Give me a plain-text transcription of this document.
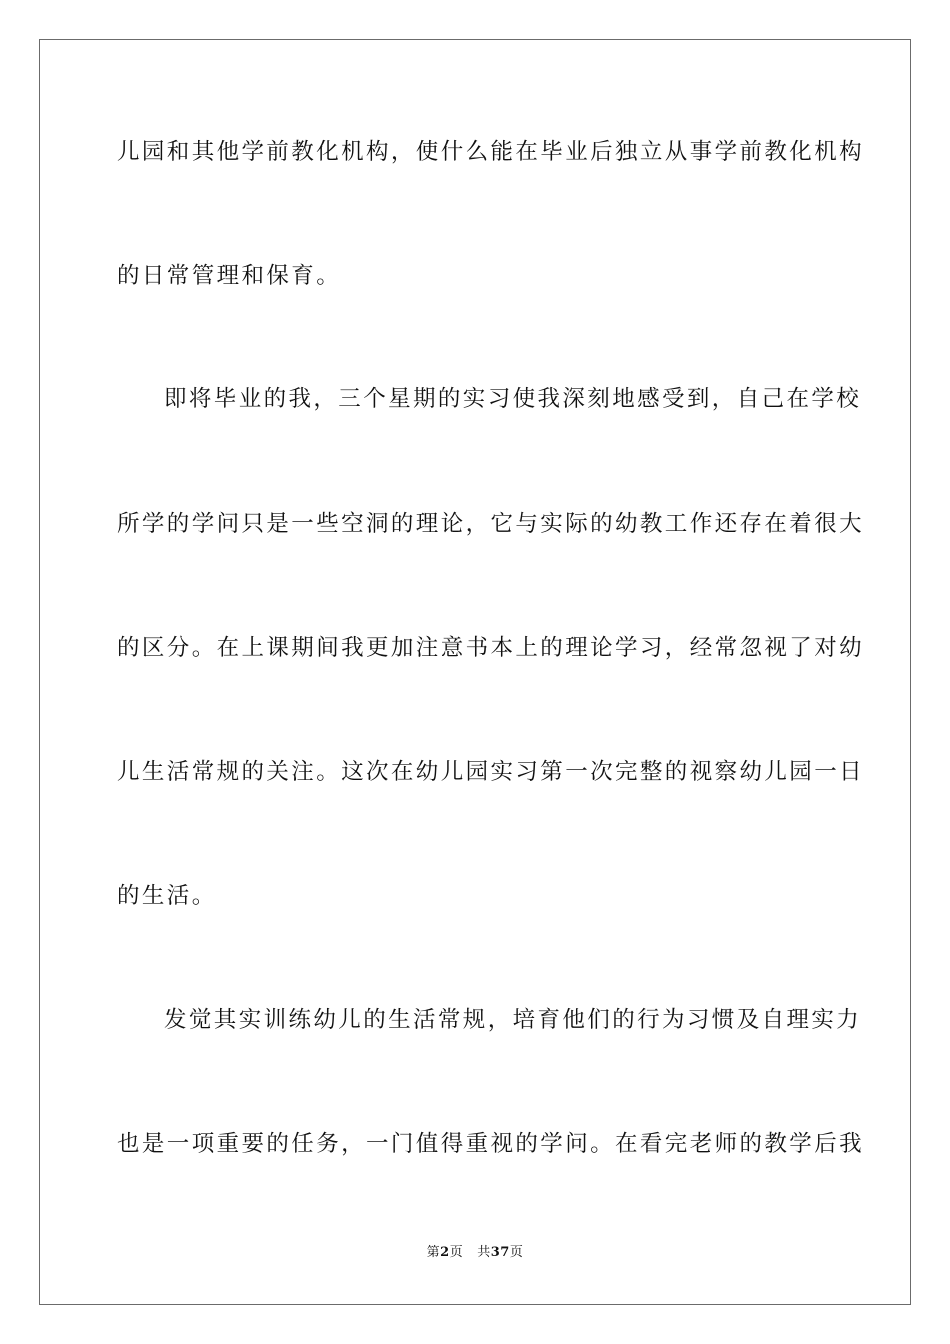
儿园和其他学前教化机构，使什么能在毕业后独立从事学前教化机构

的日常管理和保育。

即将毕业的我，三个星期的实习使我深刻地感受到，自己在学校

所学的学问只是一些空洞的理论，它与实际的幼教工作还存在着很大

的区分。在上课期间我更加注意书本上的理论学习，经常忽视了对幼

儿生活常规的关注。这次在幼儿园实习第一次完整的视察幼儿园一日

的生活。

发觉其实训练幼儿的生活常规，培育他们的行为习惯及自理实力

也是一项重要的任务，一门值得重视的学问。在看完老师的教学后我

第2页 共37页
